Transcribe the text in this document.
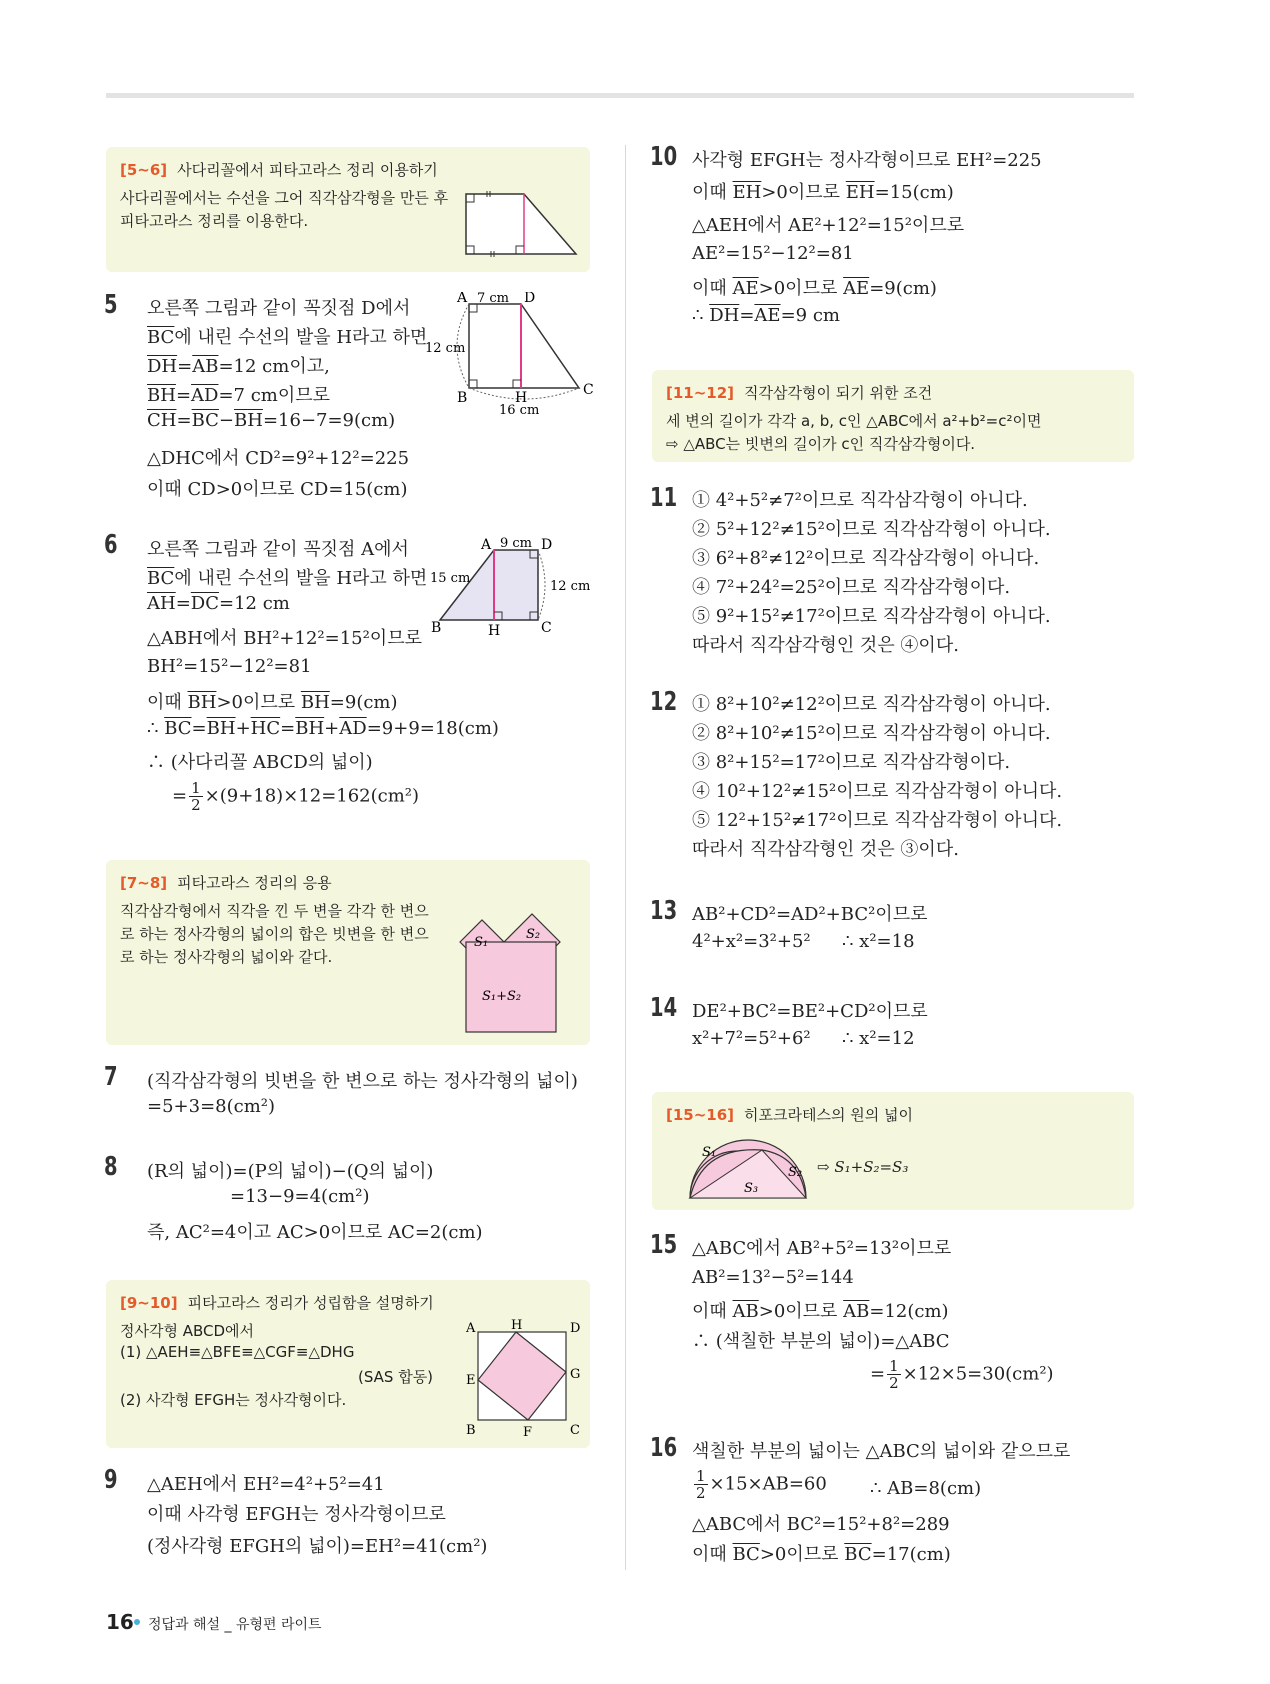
[5~6] 사다리꼴에서 피타고라스 정리 이용하기
사다리꼴에서는 수선을 그어 직각삼각형을 만든 후
피타고라스 정리를 이용한다.
5 오른쪽 그림과 같이 꼭짓점 D에서
$\overline{BC}$에 내린 수선의 발을 H라고 하면
$\overline{DH}=\overline{AB}=12$ cm이고,
$\overline{BH}=\overline{AD}=7$ cm이므로
$\overline{CH}=\overline{BC}-\overline{BH}=16-7=9(cm)$
△DHC에서 CD²=9²+12²=225
이때 CD>0이므로 CD=15(cm)
A	D
B	H	C
7 cm
12 cm
16 cm
6 오른쪽 그림과 같이 꼭짓점 A에서
$\overline{BC}$에 내린 수선의 발을 H라고 하면
$\overline{AH}=\overline{DC}=12$ cm
△ABH에서 BH²+12²=15²이므로
BH²=15²−12²=81
이때 $\overline{BH}>0$이므로 $\overline{BH}=9(cm)$
∴ $\overline{BC}=\overline{BH}+\overline{HC}=\overline{BH}+\overline{AD}=9+9=18(cm)$
∴ (사다리꼴 ABCD의 넓이)
= $\frac{1}{2} \times(9+18)\times 12=162(cm^2)$
A	D
B	H	C
9 cm
15 cm
12 cm
[7~8] 피타고라스 정리의 응용
직각삼각형에서 직각을 낀 두 변을 각각 한 변으
로 하는 정사각형의 넓이의 합은 빗변을 한 변으
로 하는 정사각형의 넓이와 같다.
S₁
S₂
S₁+S₂
7 (직각삼각형의 빗변을 한 변으로 하는 정사각형의 넓이)
=5+3=8(cm²)
8 (R의 넓이)=(P의 넓이)−(Q의 넓이)
=13−9=4(cm²)
즉, AC²=4이고 AC>0이므로 AC=2(cm)
[9~10] 피타고라스 정리가 성립함을 설명하기
정사각형 ABCD에서
(1) △AEH≡△BFE≡△CGF≡△DHG
(SAS 합동)
(2) 사각형 EFGH는 정사각형이다.
A	H	D
E	G
B	F	C
9 △AEH에서 EH²=4²+5²=41
이때 사각형 EFGH는 정사각형이므로
(정사각형 EFGH의 넓이)=EH²=41(cm²)
10 사각형 EFGH는 정사각형이므로 EH²=225
이때 $\overline{EH}>0$이므로 $\overline{EH}=15(cm)$
△AEH에서 AE²+12²=15²이므로
AE²=15²−12²=81
이때 $\overline{AE}>0$이므로 $\overline{AE}=9(cm)$
∴ $\overline{DH}=\overline{AE}=9$ cm
[11~12] 직각삼각형이 되기 위한 조건
세 변의 길이가 각각 a, b, c인 △ABC에서 a²+b²=c²이면
⇨ △ABC는 빗변의 길이가 c인 직각삼각형이다.
11 ① 4²+5²≠7²이므로 직각삼각형이 아니다.
② 5²+12²≠15²이므로 직각삼각형이 아니다.
③ 6²+8²≠12²이므로 직각삼각형이 아니다.
④ 7²+24²=25²이므로 직각삼각형이다.
⑤ 9²+15²≠17²이므로 직각삼각형이 아니다.
따라서 직각삼각형인 것은 ④이다.
12 ① 8²+10²≠12²이므로 직각삼각형이 아니다.
② 8²+10²≠15²이므로 직각삼각형이 아니다.
③ 8²+15²=17²이므로 직각삼각형이다.
④ 10²+12²≠15²이므로 직각삼각형이 아니다.
⑤ 12²+15²≠17²이므로 직각삼각형이 아니다.
따라서 직각삼각형인 것은 ③이다.
13 AB²+CD²=AD²+BC²이므로
4²+x²=3²+5² ∴ x²=18
14 DE²+BC²=BE²+CD²이므로
x²+7²=5²+6² ∴ x²=12
[15~16] 히포크라테스의 원의 넓이
S₁
S₂
S₃
⇨ S₁+S₂=S₃
15 △ABC에서 AB²+5²=13²이므로
AB²=13²−5²=144
이때 $\overline{AB}>0$이므로 $\overline{AB}=12(cm)$
∴ (색칠한 부분의 넓이)=△ABC
= $\frac{1}{2} \times 12\times 5=30(cm^2)$
16 색칠한 부분의 넓이는 △ABC의 넓이와 같으므로
$\frac{1}{2} \times 15\times AB=60$ ∴ AB=8(cm)
△ABC에서 BC²=15²+8²=289
이때 $\overline{BC}>0$이므로 $\overline{BC}=17(cm)$
16 정답과 해설 _ 유형편 라이트
